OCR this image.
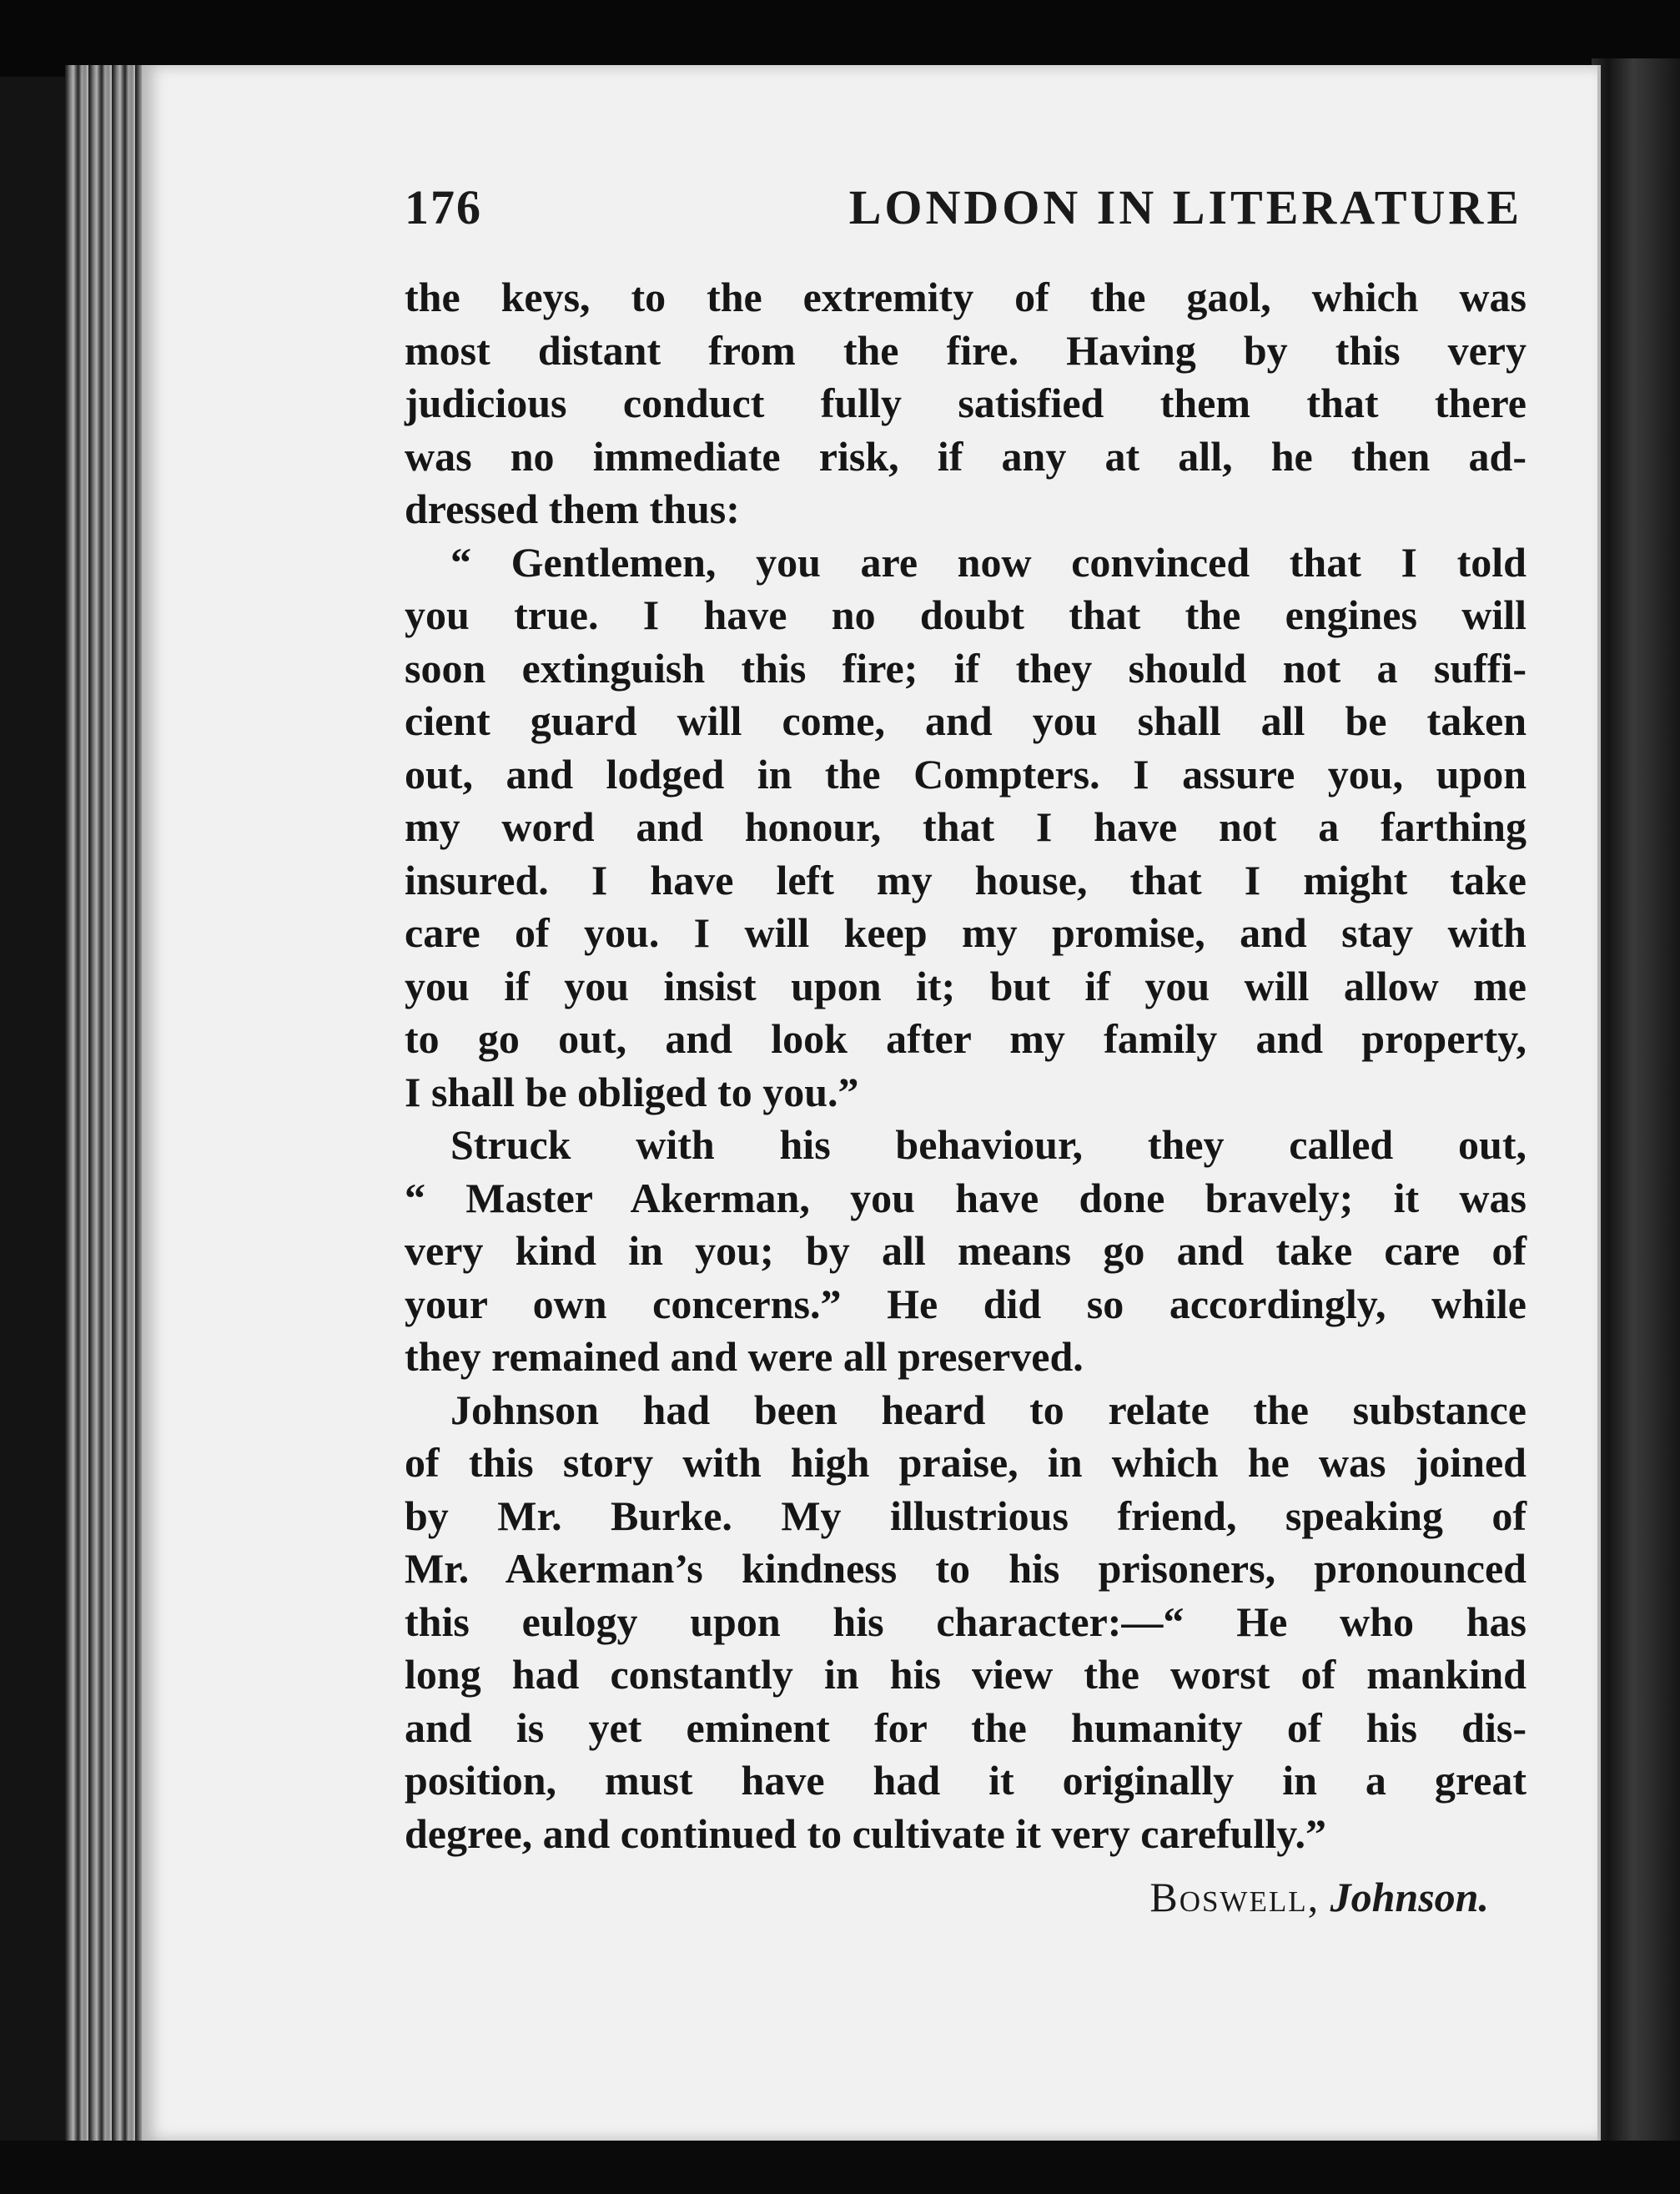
176	LONDON IN LITERATURE
the keys, to the extremity of the gaol, which was
most distant from the fire. Having by this very
judicious conduct fully satisfied them that there
was no immediate risk, if any at all, he then ad-
dressed them thus:
“ Gentlemen, you are now convinced that I told
you true. I have no doubt that the engines will
soon extinguish this fire; if they should not a suffi-
cient guard will come, and you shall all be taken
out, and lodged in the Compters. I assure you, upon
my word and honour, that I have not a farthing
insured. I have left my house, that I might take
care of you. I will keep my promise, and stay with
you if you insist upon it; but if you will allow me
to go out, and look after my family and property,
I shall be obliged to you.”
Struck with his behaviour, they called out,
“ Master Akerman, you have done bravely; it was
very kind in you; by all means go and take care of
your own concerns.” He did so accordingly, while
they remained and were all preserved.
Johnson had been heard to relate the substance
of this story with high praise, in which he was joined
by Mr. Burke. My illustrious friend, speaking of
Mr. Akerman’s kindness to his prisoners, pronounced
this eulogy upon his character:—“ He who has
long had constantly in his view the worst of mankind
and is yet eminent for the humanity of his dis-
position, must have had it originally in a great
degree, and continued to cultivate it very carefully.”
Boswell, Johnson.
